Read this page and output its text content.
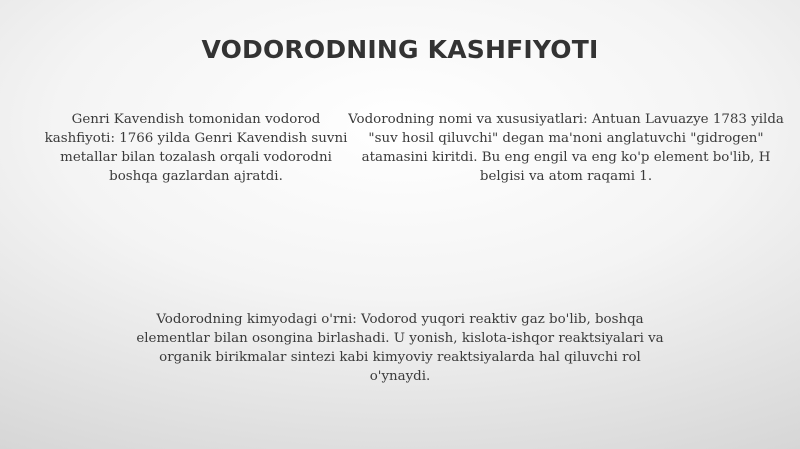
VODORODNING KASHFIYOTI

Genri Kavendish tomonidan vodorod kashfiyoti: 1766 yilda Genri Kavendish suvni metallar bilan tozalash orqali vodorodni boshqa gazlardan ajratdi.

Vodorodning nomi va xususiyatlari: Antuan Lavuazye 1783 yilda "suv hosil qiluvchi" degan ma'noni anglatuvchi "gidrogen" atamasini kiritdi. Bu eng engil va eng ko'p element bo'lib, H belgisi va atom raqami 1.

Vodorodning kimyodagi o'rni: Vodorod yuqori reaktiv gaz bo'lib, boshqa elementlar bilan osongina birlashadi. U yonish, kislota-ishqor reaktsiyalari va organik birikmalar sintezi kabi kimyoviy reaktsiyalarda hal qiluvchi rol o'ynaydi.
